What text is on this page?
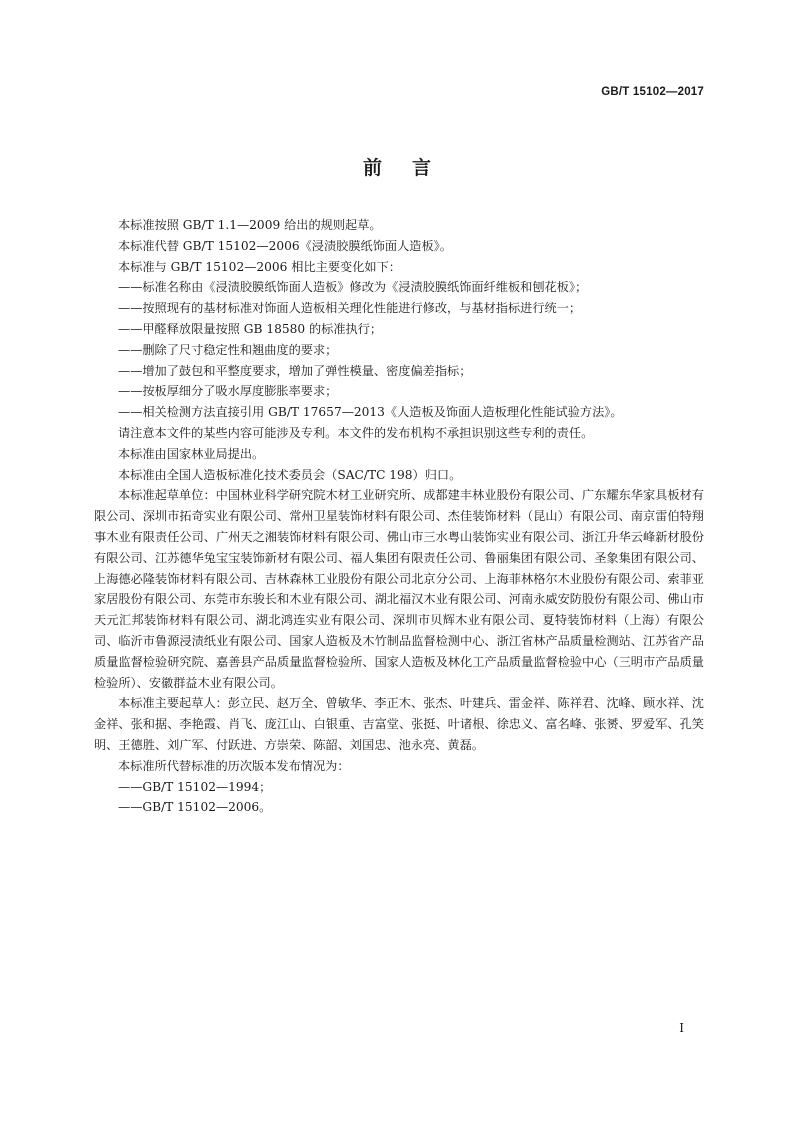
GB/T 15102—2017
前言

本标准按照 GB/T 1.1—2009 给出的规则起草。

本标准代替 GB/T 15102—2006《浸渍胶膜纸饰面人造板》。

本标准与 GB/T 15102—2006 相比主要变化如下：

——标准名称由《浸渍胶膜纸饰面人造板》修改为《浸渍胶膜纸饰面纤维板和刨花板》；

——按照现有的基材标准对饰面人造板相关理化性能进行修改，与基材指标进行统一；

——甲醛释放限量按照 GB 18580 的标准执行；

——删除了尺寸稳定性和翘曲度的要求；

——增加了鼓包和平整度要求，增加了弹性模量、密度偏差指标；

——按板厚细分了吸水厚度膨胀率要求；

——相关检测方法直接引用 GB/T 17657—2013《人造板及饰面人造板理化性能试验方法》。

请注意本文件的某些内容可能涉及专利。本文件的发布机构不承担识别这些专利的责任。

本标准由国家林业局提出。

本标准由全国人造板标准化技术委员会（SAC/TC 198）归口。

本标准起草单位：中国林业科学研究院木材工业研究所、成都建丰林业股份有限公司、广东耀东华家具板材有限公司、深圳市拓奇实业有限公司、常州卫星装饰材料有限公司、杰佳装饰材料（昆山）有限公司、南京雷伯特翔事木业有限责任公司、广州天之湘装饰材料有限公司、佛山市三水粤山装饰实业有限公司、浙江升华云峰新材股份有限公司、江苏德华兔宝宝装饰新材有限公司、福人集团有限责任公司、鲁丽集团有限公司、圣象集团有限公司、上海德必隆装饰材料有限公司、吉林森林工业股份有限公司北京分公司、上海菲林格尔木业股份有限公司、索菲亚家居股份有限公司、东莞市东骏长和木业有限公司、湖北福汉木业有限公司、河南永威安防股份有限公司、佛山市天元汇邦装饰材料有限公司、湖北鸿连实业有限公司、深圳市贝辉木业有限公司、夏特装饰材料（上海）有限公司、临沂市鲁源浸渍纸业有限公司、国家人造板及木竹制品监督检测中心、浙江省林产品质量检测站、江苏省产品质量监督检验研究院、嘉善县产品质量监督检验所、国家人造板及林化工产品质量监督检验中心（三明市产品质量检验所）、安徽群益木业有限公司。

本标准主要起草人：彭立民、赵万全、曾敏华、李正木、张杰、叶建兵、雷金祥、陈祥君、沈峰、顾水祥、沈金祥、张和据、李艳霞、肖飞、庞江山、白银重、吉富堂、张挺、叶诸根、徐忠义、富名峰、张赟、罗爱军、孔笑明、王德胜、刘广军、付跃进、方崇荣、陈韶、刘国忠、池永亮、黄磊。

本标准所代替标准的历次版本发布情况为：

——GB/T 15102—1994；

——GB/T 15102—2006。

I
